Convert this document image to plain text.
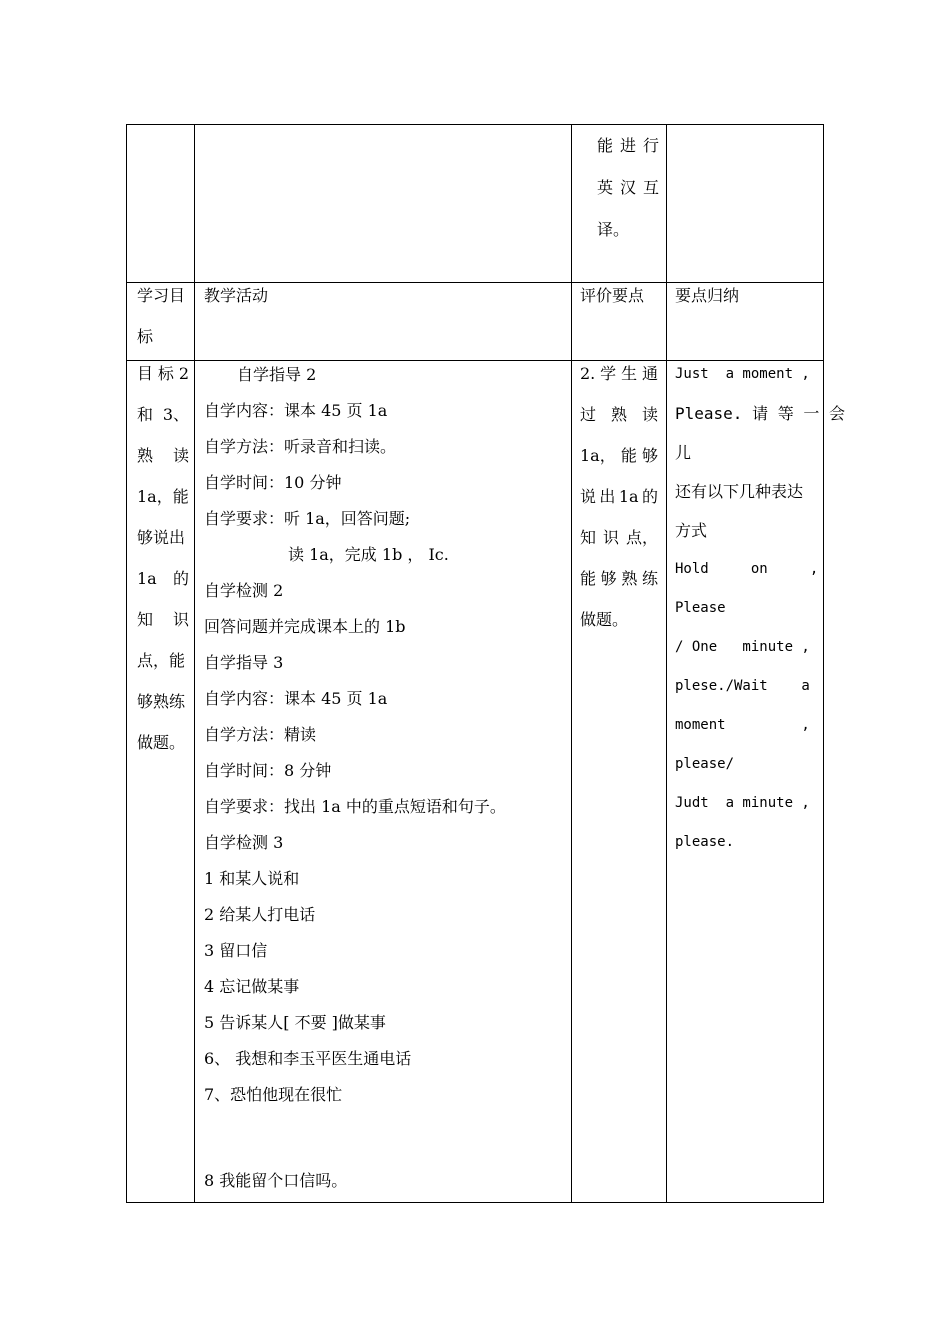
能 进 行
英 汉 互
译。
学习目
标
教学活动	评价要点 要点归纳
目 标 2
和 3、
熟 读
1a，能
够说出
1a 的
知 识
点，能
够熟练
做题。
自学指导 2
自学内容：课本 45 页 1a
自学方法：听录音和扫读。
自学时间：10 分钟
自学要求：听 1a，回答问题;
读 1a，完成 1b ， Ic.
自学检测 2
回答问题并完成课本上的 1b
自学指导 3
自学内容：课本 45 页 1a
自学方法：精读
自学时间：8 分钟
自学要求：找出 1a 中的重点短语和句子。
自学检测 3
1 和某人说和
2 给某人打电话
3 留口信
4 忘记做某事
5 告诉某人[ 不要 ]做某事
6、 我想和李玉平医生通电话
7、恐怕他现在很忙
8 我能留个口信吗。
2. 学 生 通
过 熟 读
1a， 能 够
说 出 1a 的
知 识 点，
能 够 熟 练
做题。
Just  a moment ,
Please. 请 等 一 会
儿
还有以下几种表达
方式
Hold     on     ,
Please
/ One   minute ,
plese./Wait    a
moment         ,
please/
Judt  a minute ,
please.
